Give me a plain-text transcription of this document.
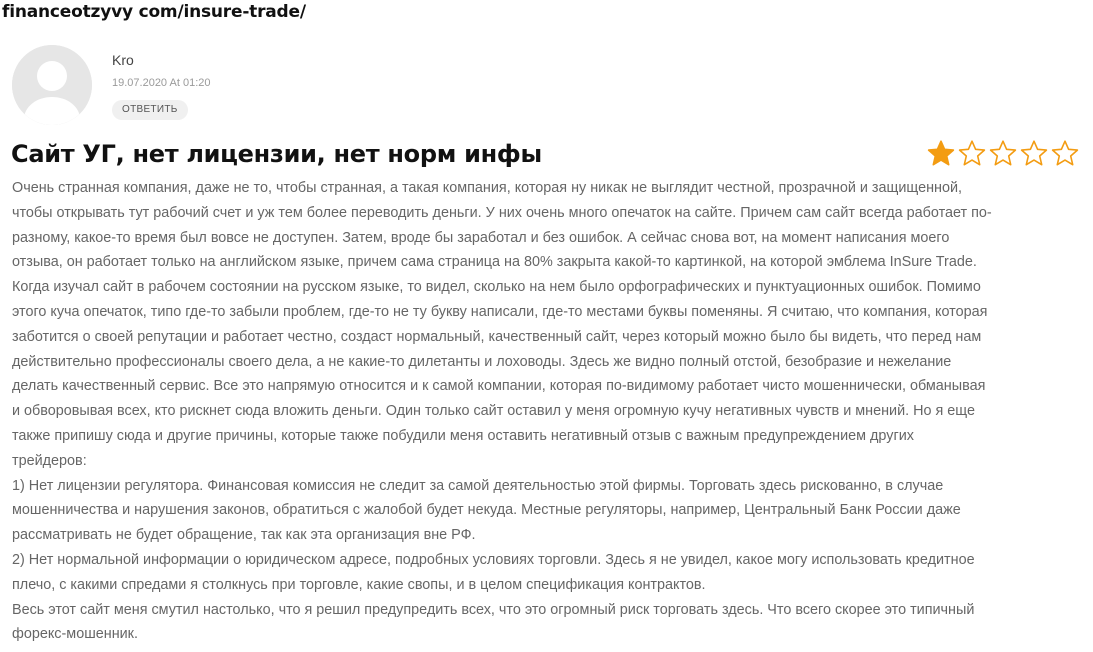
financeotzyvy com/insure-trade/
Kro
19.07.2020 At 01:20
ОТВЕТИТЬ
Сайт УГ, нет лицензии, нет норм инфы

Очень странная компания, даже не то, чтобы странная, а такая компания, которая ну никак не выглядит честной, прозрачной и защищенной,

чтобы открывать тут рабочий счет и уж тем более переводить деньги. У них очень много опечаток на сайте. Причем сам сайт всегда работает по-

разному, какое-то время был вовсе не доступен. Затем, вроде бы заработал и без ошибок. А сейчас снова вот, на момент написания моего

отзыва, он работает только на английском языке, причем сама страница на 80% закрыта какой-то картинкой, на которой эмблема InSure Trade.

Когда изучал сайт в рабочем состоянии на русском языке, то видел, сколько на нем было орфографических и пунктуационных ошибок. Помимо

этого куча опечаток, типо где-то забыли проблем, где-то не ту букву написали, где-то местами буквы поменяны. Я считаю, что компания, которая

заботится о своей репутации и работает честно, создаст нормальный, качественный сайт, через который можно было бы видеть, что перед нам

действительно профессионалы своего дела, а не какие-то дилетанты и лоховоды. Здесь же видно полный отстой, безобразие и нежелание

делать качественный сервис. Все это напрямую относится и к самой компании, которая по-видимому работает чисто мошеннически, обманывая

и обворовывая всех, кто рискнет сюда вложить деньги. Один только сайт оставил у меня огромную кучу негативных чувств и мнений. Но я еще

также припишу сюда и другие причины, которые также побудили меня оставить негативный отзыв с важным предупреждением других

трейдеров:

1) Нет лицензии регулятора. Финансовая комиссия не следит за самой деятельностью этой фирмы. Торговать здесь рискованно, в случае

мошенничества и нарушения законов, обратиться с жалобой будет некуда. Местные регуляторы, например, Центральный Банк России даже

рассматривать не будет обращение, так как эта организация вне РФ.

2) Нет нормальной информации о юридическом адресе, подробных условиях торговли. Здесь я не увидел, какое могу использовать кредитное

плечо, с какими спредами я столкнусь при торговле, какие свопы, и в целом спецификация контрактов.

Весь этот сайт меня смутил настолько, что я решил предупредить всех, что это огромный риск торговать здесь. Что всего скорее это типичный

форекс-мошенник.
